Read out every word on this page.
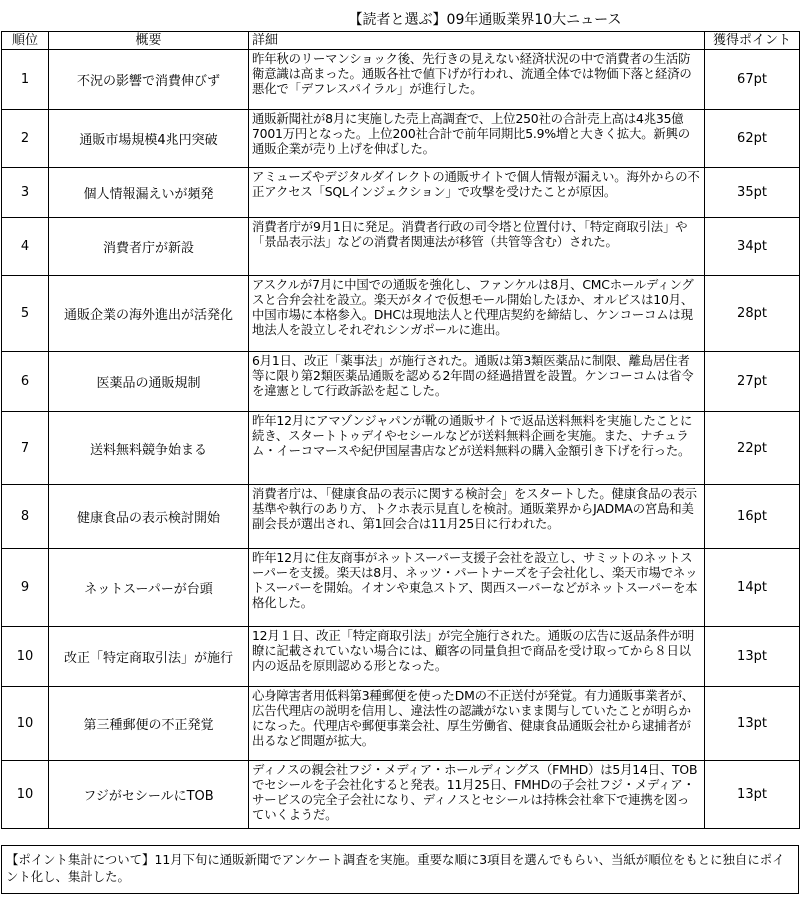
【読者と選ぶ】09年通販業界10大ニュース
順位	概要	詳細	獲得ポイント
1	不況の影響で消費伸びず	昨年秋のリーマンショック後、先行きの見えない経済状況の中で消費者の生活防衛意識は高まった。通販各社で値下げが行われ、流通全体では物価下落と経済の悪化で「デフレスパイラル」が進行した。	67pt
2	通販市場規模4兆円突破	通販新聞社が8月に実施した売上高調査で、上位250社の合計売上高は4兆35億7001万円となった。上位200社合計で前年同期比5.9%増と大きく拡大。新興の通販企業が売り上げを伸ばした。	62pt
3	個人情報漏えいが頻発	アミューズやデジタルダイレクトの通販サイトで個人情報が漏えい。海外からの不正アクセス「SQLインジェクション」で攻撃を受けたことが原因。	35pt
4	消費者庁が新設	消費者庁が9月1日に発足。消費者行政の司令塔と位置付け、「特定商取引法」や「景品表示法」などの消費者関連法が移管（共管等含む）された。	34pt
5	通販企業の海外進出が活発化	アスクルが7月に中国での通販を強化し、ファンケルは8月、CMCホールディングスと合弁会社を設立。楽天がタイで仮想モール開始したほか、オルビスは10月、中国市場に本格参入。DHCは現地法人と代理店契約を締結し、ケンコーコムは現地法人を設立しそれぞれシンガポールに進出。	28pt
6	医薬品の通販規制	6月1日、改正「薬事法」が施行された。通販は第3類医薬品に制限、離島居住者等に限り第2類医薬品通販を認める2年間の経過措置を設置。ケンコーコムは省令を違憲として行政訴訟を起こした。	27pt
7	送料無料競争始まる	昨年12月にアマゾンジャパンが靴の通販サイトで返品送料無料を実施したことに続き、スタートトゥデイやセシールなどが送料無料企画を実施。また、ナチュラム・イーコマースや紀伊国屋書店などが送料無料の購入金額引き下げを行った。	22pt
8	健康食品の表示検討開始	消費者庁は、「健康食品の表示に関する検討会」をスタートした。健康食品の表示基準や執行のあり方、トクホ表示見直しを検討。通販業界からJADMAの宮島和美副会長が選出され、第1回会合は11月25日に行われた。	16pt
9	ネットスーパーが台頭	昨年12月に住友商事がネットスーパー支援子会社を設立し、サミットのネットスーパーを支援。楽天は8月、ネッツ・パートナーズを子会社化し、楽天市場でネットスーパーを開始。イオンや東急ストア、関西スーパーなどがネットスーパーを本格化した。	14pt
10	改正「特定商取引法」が施行	12月１日、改正「特定商取引法」が完全施行された。通販の広告に返品条件が明瞭に記載されていない場合には、顧客の同量負担で商品を受け取ってから８日以内の返品を原則認める形となった。	13pt
10	第三種郵便の不正発覚	心身障害者用低料第3種郵便を使ったDMの不正送付が発覚。有力通販事業者が、広告代理店の説明を信用し、違法性の認識がないまま関与していたことが明らかになった。代理店や郵便事業会社、厚生労働省、健康食品通販会社から逮捕者が出るなど問題が拡大。	13pt
10	フジがセシールにTOB	ディノスの親会社フジ・メディア・ホールディングス（FMHD）は5月14日、TOBでセシールを子会社化すると発表。11月25日、FMHDの子会社フジ・メディア・サービスの完全子会社になり、ディノスとセシールは持株会社傘下で連携を図っていくようだ。	13pt
【ポイント集計について】11月下旬に通販新聞でアンケート調査を実施。重要な順に3項目を選んでもらい、当紙が順位をもとに独自にポイント化し、集計した。
